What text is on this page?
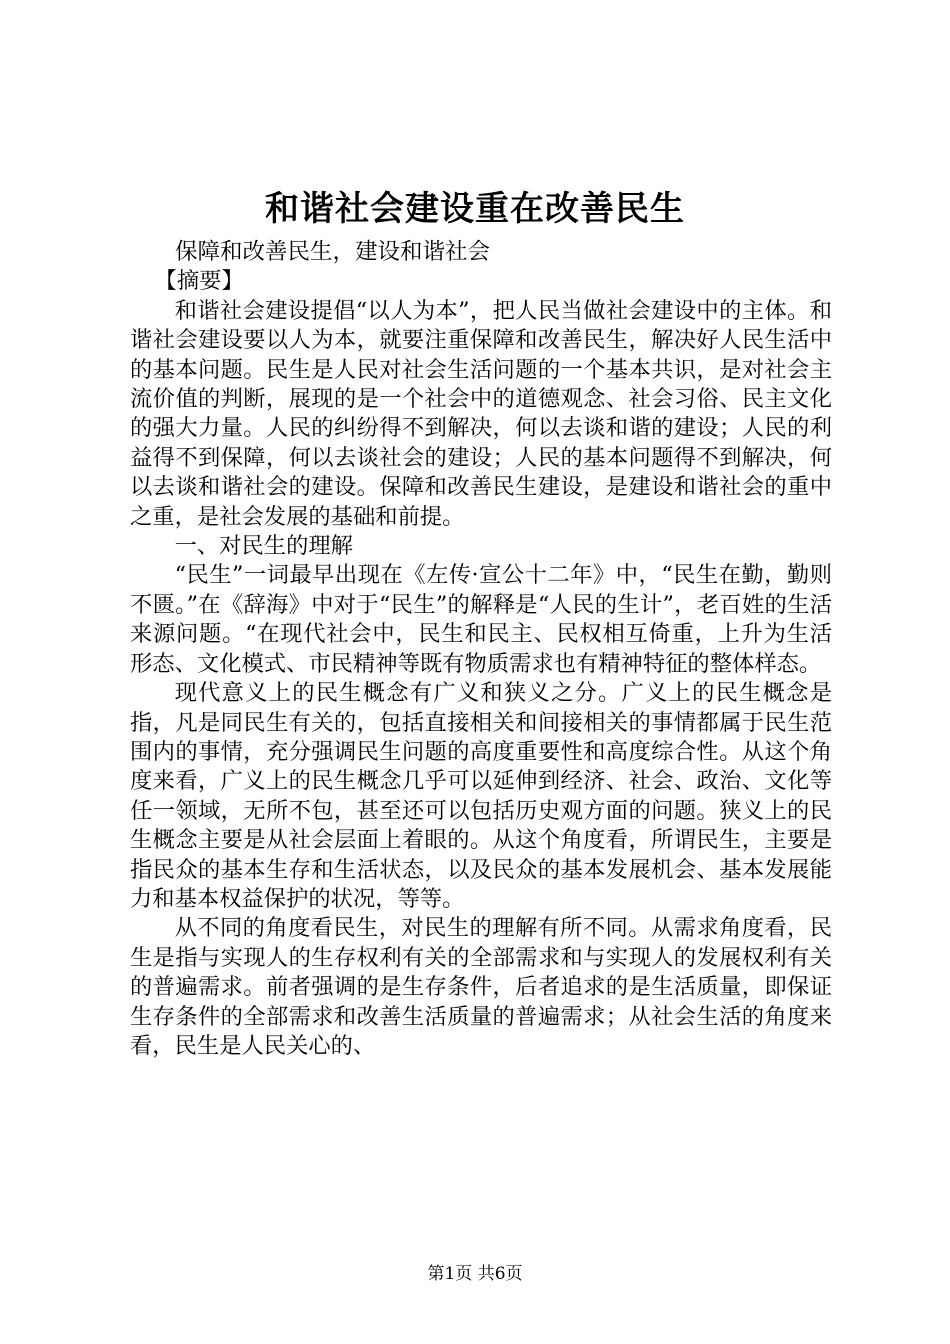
和谐社会建设重在改善民生

保障和改善民生，建设和谐社会

【摘要】

和谐社会建设提倡“以人为本”，把人民当做社会建设中的主体。和谐社会建设要以人为本，就要注重保障和改善民生，解决好人民生活中的基本问题。民生是人民对社会生活问题的一个基本共识，是对社会主流价值的判断，展现的是一个社会中的道德观念、社会习俗、民主文化的强大力量。人民的纠纷得不到解决，何以去谈和谐的建设；人民的利益得不到保障，何以去谈社会的建设；人民的基本问题得不到解决，何以去谈和谐社会的建设。保障和改善民生建设，是建设和谐社会的重中之重，是社会发展的基础和前提。

一、对民生的理解

“民生”一词最早出现在《左传·宣公十二年》中，“民生在勤，勤则不匮。”在《辞海》中对于“民生”的解释是“人民的生计”，老百姓的生活来源问题。“在现代社会中，民生和民主、民权相互倚重，上升为生活形态、文化模式、市民精神等既有物质需求也有精神特征的整体样态。

现代意义上的民生概念有广义和狭义之分。广义上的民生概念是指，凡是同民生有关的，包括直接相关和间接相关的事情都属于民生范围内的事情，充分强调民生问题的高度重要性和高度综合性。从这个角度来看，广义上的民生概念几乎可以延伸到经济、社会、政治、文化等任一领域，无所不包，甚至还可以包括历史观方面的问题。狭义上的民生概念主要是从社会层面上着眼的。从这个角度看，所谓民生，主要是指民众的基本生存和生活状态，以及民众的基本发展机会、基本发展能力和基本权益保护的状况，等等。

从不同的角度看民生，对民生的理解有所不同。从需求角度看，民生是指与实现人的生存权利有关的全部需求和与实现人的发展权利有关的普遍需求。前者强调的是生存条件，后者追求的是生活质量，即保证生存条件的全部需求和改善生活质量的普遍需求；从社会生活的角度来看，民生是人民关心的、

第1页 共6页
